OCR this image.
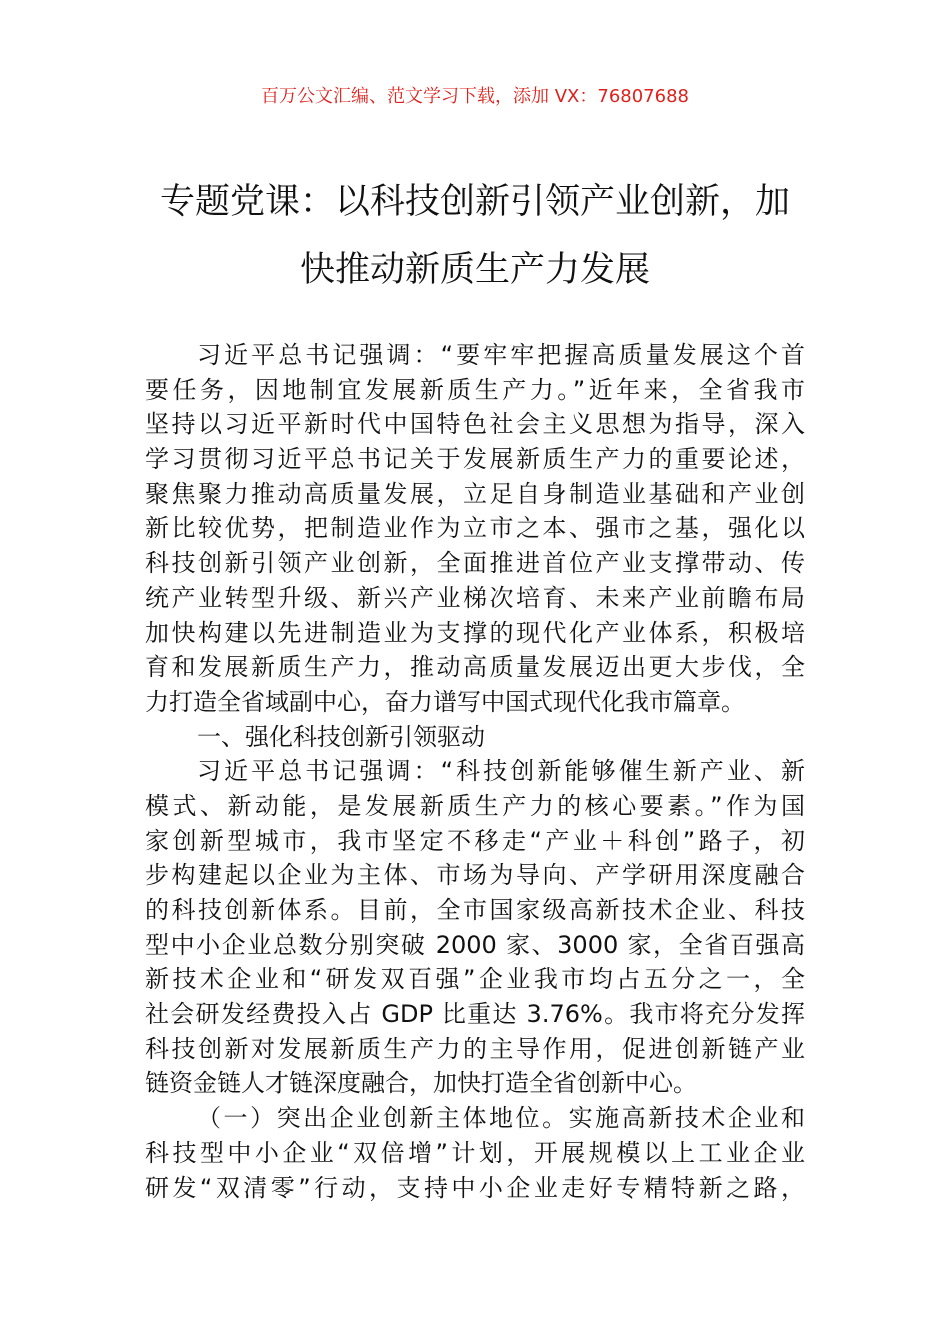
百万公文汇编、范文学习下载，添加 VX：76807688
专题党课：以科技创新引领产业创新，加
快推动新质生产力发展
习近平总书记强调：“要牢牢把握高质量发展这个首
要任务，因地制宜发展新质生产力。”近年来，全省我市
坚持以习近平新时代中国特色社会主义思想为指导，深入
学习贯彻习近平总书记关于发展新质生产力的重要论述，
聚焦聚力推动高质量发展，立足自身制造业基础和产业创
新比较优势，把制造业作为立市之本、强市之基，强化以
科技创新引领产业创新，全面推进首位产业支撑带动、传
统产业转型升级、新兴产业梯次培育、未来产业前瞻布局
加快构建以先进制造业为支撑的现代化产业体系，积极培
育和发展新质生产力，推动高质量发展迈出更大步伐，全
力打造全省域副中心，奋力谱写中国式现代化我市篇章。
一、强化科技创新引领驱动
习近平总书记强调：“科技创新能够催生新产业、新
模式、新动能，是发展新质生产力的核心要素。”作为国
家创新型城市，我市坚定不移走“产业＋科创”路子，初
步构建起以企业为主体、市场为导向、产学研用深度融合
的科技创新体系。目前，全市国家级高新技术企业、科技
型中小企业总数分别突破 2000 家、3000 家，全省百强高
新技术企业和“研发双百强”企业我市均占五分之一，全
社会研发经费投入占 GDP 比重达 3.76%。我市将充分发挥
科技创新对发展新质生产力的主导作用，促进创新链产业
链资金链人才链深度融合，加快打造全省创新中心。
（一）突出企业创新主体地位。实施高新技术企业和
科技型中小企业“双倍增”计划，开展规模以上工业企业
研发“双清零”行动，支持中小企业走好专精特新之路，
